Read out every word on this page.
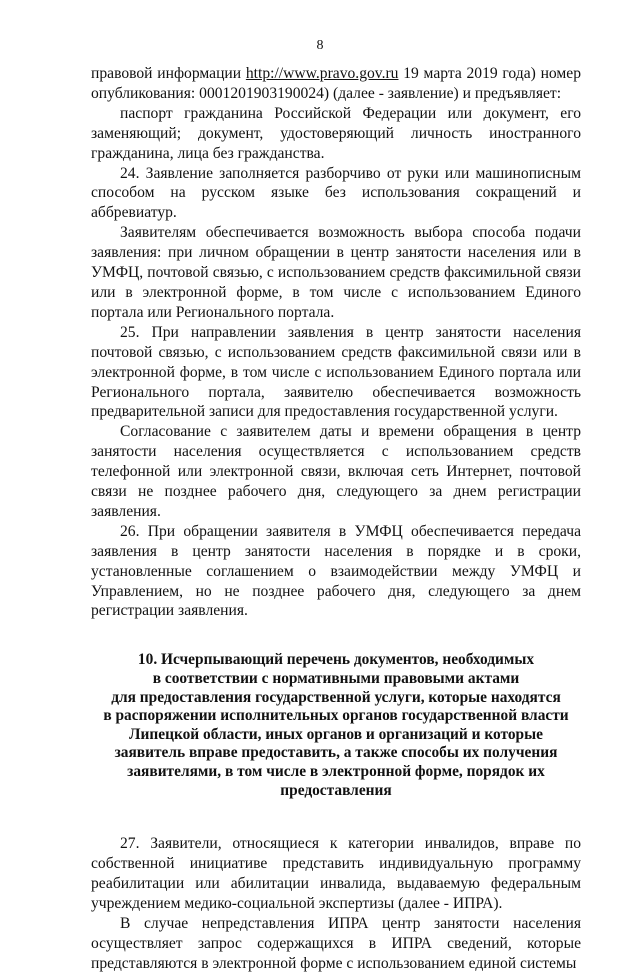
8

правовой информации http://www.pravo.gov.ru 19 марта 2019 года) номер опубликования: 0001201903190024) (далее - заявление) и предъявляет:

паспорт гражданина Российской Федерации или документ, его заменяющий; документ, удостоверяющий личность иностранного гражданина, лица без гражданства.

24. Заявление заполняется разборчиво от руки или машинописным способом на русском языке без использования сокращений и аббревиатур.

Заявителям обеспечивается возможность выбора способа подачи заявления: при личном обращении в центр занятости населения или в УМФЦ, почтовой связью, с использованием средств факсимильной связи или в электронной форме, в том числе с использованием Единого портала или Регионального портала.

25. При направлении заявления в центр занятости населения почтовой связью, с использованием средств факсимильной связи или в электронной форме, в том числе с использованием Единого портала или Регионального портала, заявителю обеспечивается возможность предварительной записи для предоставления государственной услуги.

Согласование с заявителем даты и времени обращения в центр занятости населения осуществляется с использованием средств телефонной или электронной связи, включая сеть Интернет, почтовой связи не позднее рабочего дня, следующего за днем регистрации заявления.

26. При обращении заявителя в УМФЦ обеспечивается передача заявления в центр занятости населения в порядке и в сроки, установленные соглашением о взаимодействии между УМФЦ и Управлением, но не позднее рабочего дня, следующего за днем регистрации заявления.

10. Исчерпывающий перечень документов, необходимых
в соответствии с нормативными правовыми актами
для предоставления государственной услуги, которые находятся
в распоряжении исполнительных органов государственной власти
Липецкой области, иных органов и организаций и которые
заявитель вправе предоставить, а также способы их получения
заявителями, в том числе в электронной форме, порядок их
предоставления

27. Заявители, относящиеся к категории инвалидов, вправе по собственной инициативе представить индивидуальную программу реабилитации или абилитации инвалида, выдаваемую федеральным учреждением медико-социальной экспертизы (далее - ИПРА).

В случае непредставления ИПРА центр занятости населения осуществляет запрос содержащихся в ИПРА сведений, которые представляются в электронной форме с использованием единой системы
